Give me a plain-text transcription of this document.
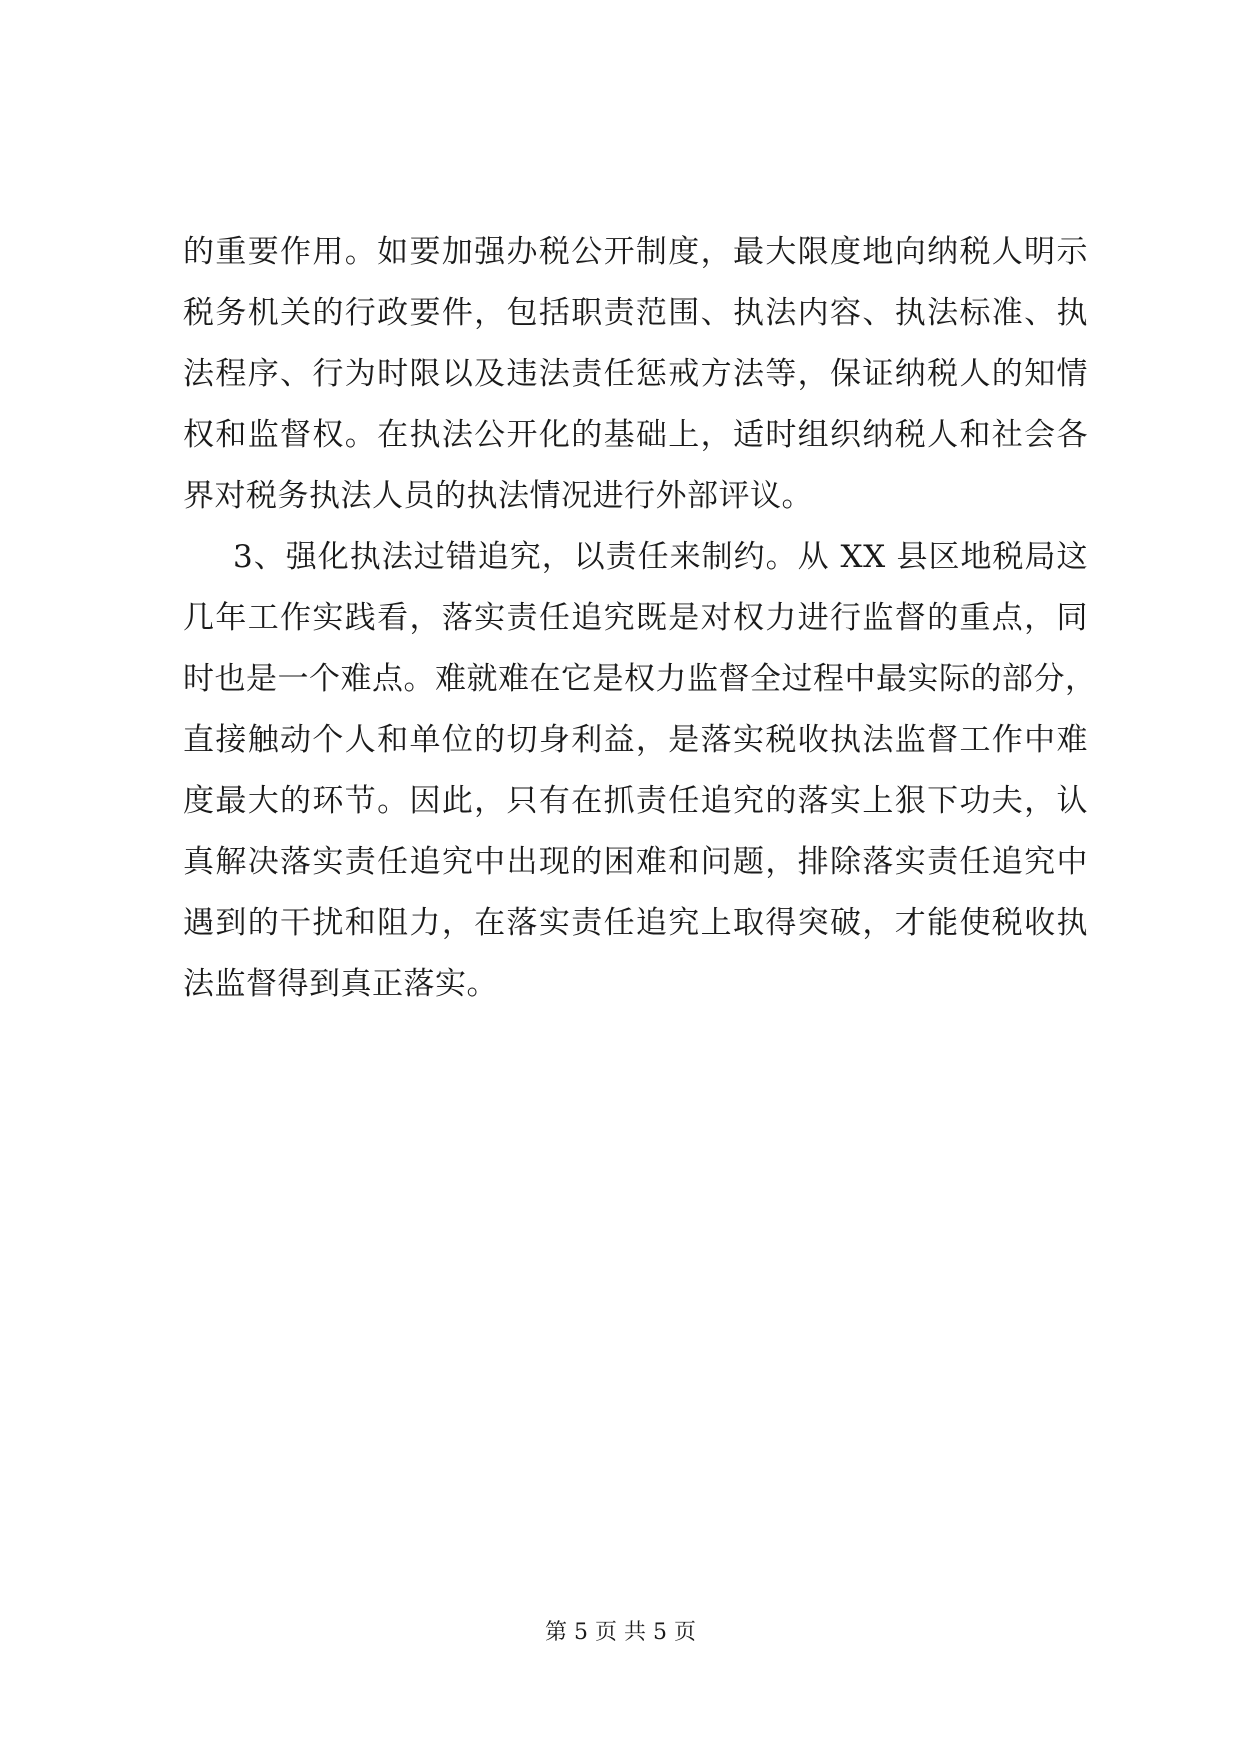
的重要作用。如要加强办税公开制度，最大限度地向纳税人明示
税务机关的行政要件，包括职责范围、执法内容、执法标准、执
法程序、行为时限以及违法责任惩戒方法等，保证纳税人的知情
权和监督权。在执法公开化的基础上，适时组织纳税人和社会各
界对税务执法人员的执法情况进行外部评议。
3、强化执法过错追究，以责任来制约。从 XX 县区地税局这
几年工作实践看，落实责任追究既是对权力进行监督的重点，同
时也是一个难点。难就难在它是权力监督全过程中最实际的部分，
直接触动个人和单位的切身利益，是落实税收执法监督工作中难
度最大的环节。因此，只有在抓责任追究的落实上狠下功夫，认
真解决落实责任追究中出现的困难和问题，排除落实责任追究中
遇到的干扰和阻力，在落实责任追究上取得突破，才能使税收执
法监督得到真正落实。
第 5 页 共 5 页
